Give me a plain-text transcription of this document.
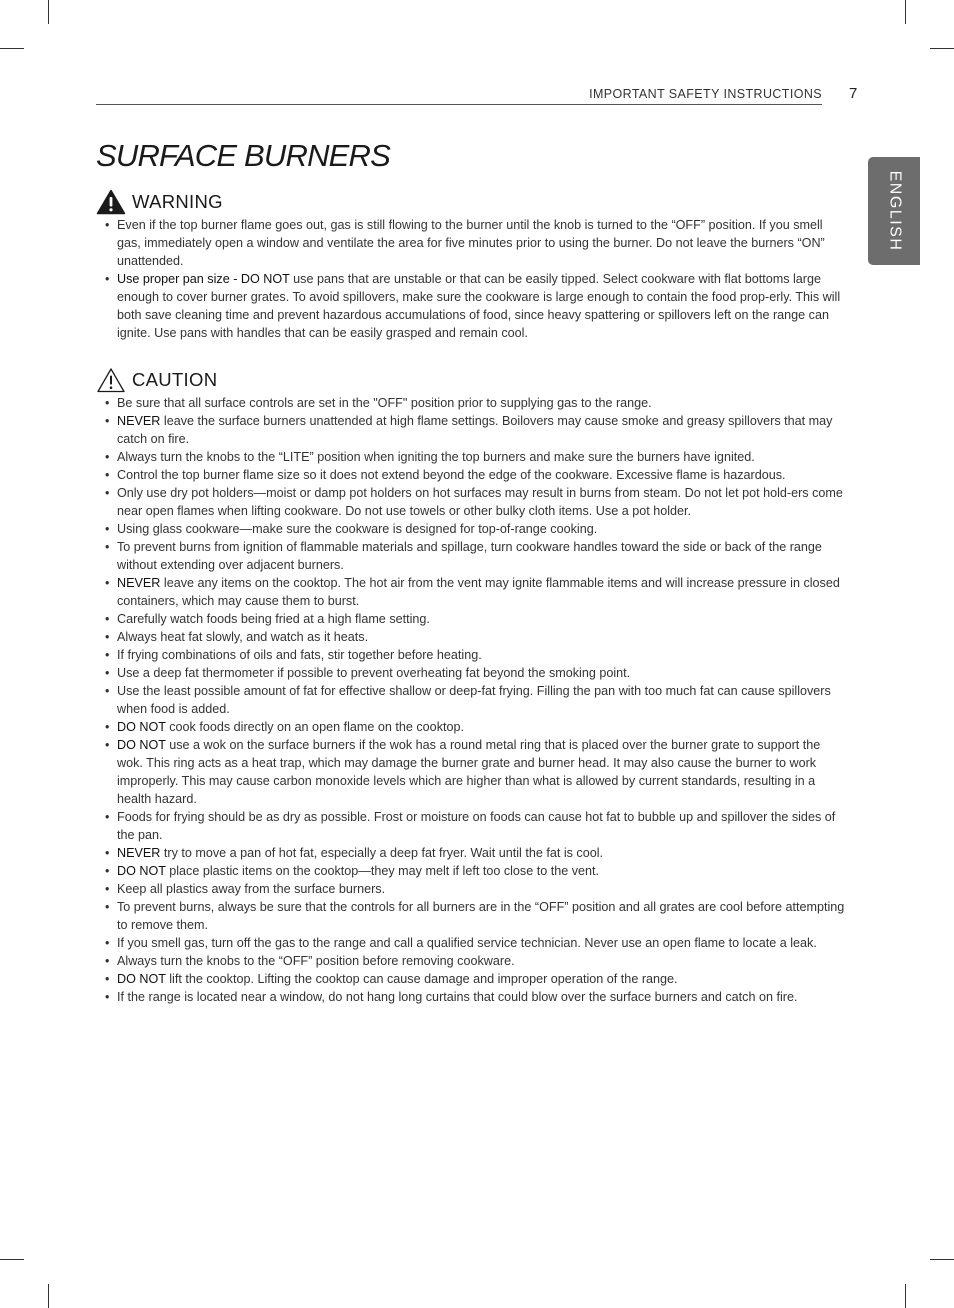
IMPORTANT SAFETY INSTRUCTIONS 7
ENGLISH
SURFACE BURNERS
WARNING
• Even if the top burner flame goes out, gas is still flowing to the burner until the knob is turned to the “OFF” position. If you smell gas, immediately open a window and ventilate the area for five minutes prior to using the burner. Do not leave the burners “ON” unattended.
• Use proper pan size - DO NOT use pans that are unstable or that can be easily tipped. Select cookware with flat bottoms large enough to cover burner grates. To avoid spillovers, make sure the cookware is large enough to contain the food prop-erly. This will both save cleaning time and prevent hazardous accumulations of food, since heavy spattering or spillovers left on the range can ignite. Use pans with handles that can be easily grasped and remain cool.
CAUTION
• Be sure that all surface controls are set in the "OFF" position prior to supplying gas to the range.
• NEVER leave the surface burners unattended at high flame settings. Boilovers may cause smoke and greasy spillovers that may catch on fire.
• Always turn the knobs to the “LITE” position when igniting the top burners and make sure the burners have ignited.
• Control the top burner flame size so it does not extend beyond the edge of the cookware. Excessive flame is hazardous.
• Only use dry pot holders—moist or damp pot holders on hot surfaces may result in burns from steam. Do not let pot hold-ers come near open flames when lifting cookware. Do not use towels or other bulky cloth items. Use a pot holder.
• Using glass cookware—make sure the cookware is designed for top-of-range cooking.
• To prevent burns from ignition of flammable materials and spillage, turn cookware handles toward the side or back of the range without extending over adjacent burners.
• NEVER leave any items on the cooktop. The hot air from the vent may ignite flammable items and will increase pressure in closed containers, which may cause them to burst.
• Carefully watch foods being fried at a high flame setting.
• Always heat fat slowly, and watch as it heats.
• If frying combinations of oils and fats, stir together before heating.
• Use a deep fat thermometer if possible to prevent overheating fat beyond the smoking point.
• Use the least possible amount of fat for effective shallow or deep-fat frying. Filling the pan with too much fat can cause spillovers when food is added.
• DO NOT cook foods directly on an open flame on the cooktop.
• DO NOT use a wok on the surface burners if the wok has a round metal ring that is placed over the burner grate to support the wok. This ring acts as a heat trap, which may damage the burner grate and burner head. It may also cause the burner to work improperly. This may cause carbon monoxide levels which are higher than what is allowed by current standards, resulting in a health hazard.
• Foods for frying should be as dry as possible. Frost or moisture on foods can cause hot fat to bubble up and spillover the sides of the pan.
• NEVER try to move a pan of hot fat, especially a deep fat fryer. Wait until the fat is cool.
• DO NOT place plastic items on the cooktop—they may melt if left too close to the vent.
• Keep all plastics away from the surface burners.
• To prevent burns, always be sure that the controls for all burners are in the “OFF” position and all grates are cool before attempting to remove them.
• If you smell gas, turn off the gas to the range and call a qualified service technician. Never use an open flame to locate a leak.
• Always turn the knobs to the “OFF” position before removing cookware.
• DO NOT lift the cooktop. Lifting the cooktop can cause damage and improper operation of the range.
• If the range is located near a window, do not hang long curtains that could blow over the surface burners and catch on fire.
